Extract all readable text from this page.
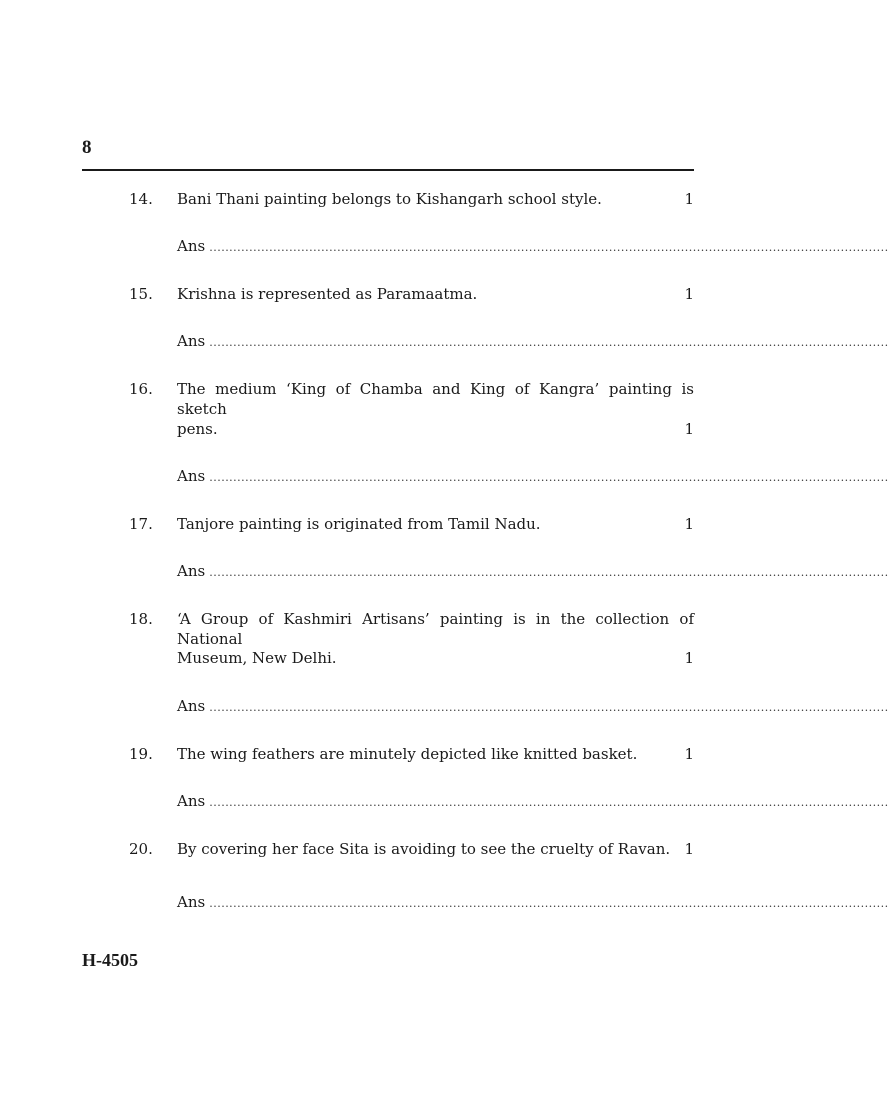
8
14. Bani Thani painting belongs to Kishangarh school style.	1
Ans ..........................................................................................................................................................................
15. Krishna is represented as Paramaatma.	1
Ans ..........................................................................................................................................................................
16. The medium ‘King of Chamba and King of Kangra’ painting is sketch
pens.	1
Ans ..........................................................................................................................................................................
17. Tanjore painting is originated from Tamil Nadu.	1
Ans ..........................................................................................................................................................................
18. ‘A Group of Kashmiri Artisans’ painting is in the collection of National
Museum, New Delhi.	1
Ans ..........................................................................................................................................................................
19. The wing feathers are minutely depicted like knitted basket.	1
Ans ..........................................................................................................................................................................
20. By covering her face Sita is avoiding to see the cruelty of Ravan. 1
Ans ..........................................................................................................................................................................
H-4505
